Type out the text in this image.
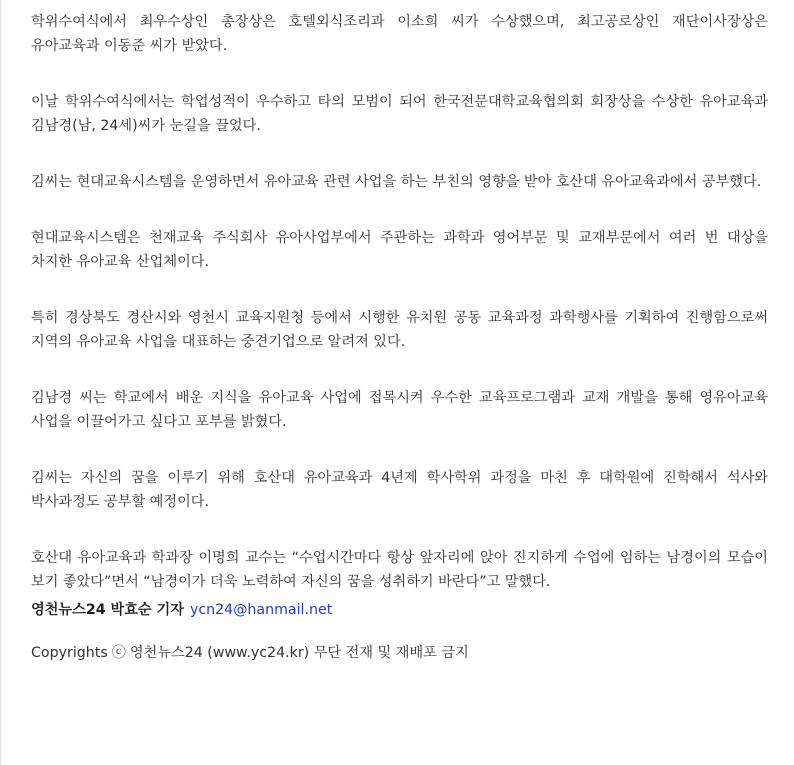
학위수여식에서 최우수상인 총장상은 호텔외식조리과 이소희 씨가 수상했으며, 최고공로상인 재단이사장상은 유아교육과 이동준 씨가 받았다.

이날 학위수여식에서는 학업성적이 우수하고 타의 모범이 되어 한국전문대학교육협의회 회장상을 수상한 유아교육과 김남경(남, 24세)씨가 눈길을 끌었다.

김씨는 현대교육시스템을 운영하면서 유아교육 관련 사업을 하는 부친의 영향을 받아 호산대 유아교육과에서 공부했다.

현대교육시스템은 천재교육 주식회사 유아사업부에서 주관하는 과학과 영어부문 및 교재부문에서 여러 번 대상을 차지한 유아교육 산업체이다.

특히 경상북도 경산시와 영천시 교육지원청 등에서 시행한 유치원 공동 교육과정 과학행사를 기획하여 진행함으로써 지역의 유아교육 사업을 대표하는 중견기업으로 알려져 있다.

김남경 씨는 학교에서 배운 지식을 유아교육 사업에 접목시켜 우수한 교육프로그램과 교재 개발을 통해 영유아교육 사업을 이끌어가고 싶다고 포부를 밝혔다.

김씨는 자신의 꿈을 이루기 위해 호산대 유아교육과 4년제 학사학위 과정을 마친 후 대학원에 진학해서 석사와 박사과정도 공부할 예정이다.

호산대 유아교육과 학과장 이명희 교수는 “수업시간마다 항상 앞자리에 앉아 진지하게 수업에 임하는 남경이의 모습이 보기 좋았다”면서 “남경이가 더욱 노력하여 자신의 꿈을 성취하기 바란다”고 말했다.

영천뉴스24 박효순 기자 ycn24@hanmail.net
Copyrights ⓒ 영천뉴스24 (www.yc24.kr) 무단 전재 및 재배포 금지
